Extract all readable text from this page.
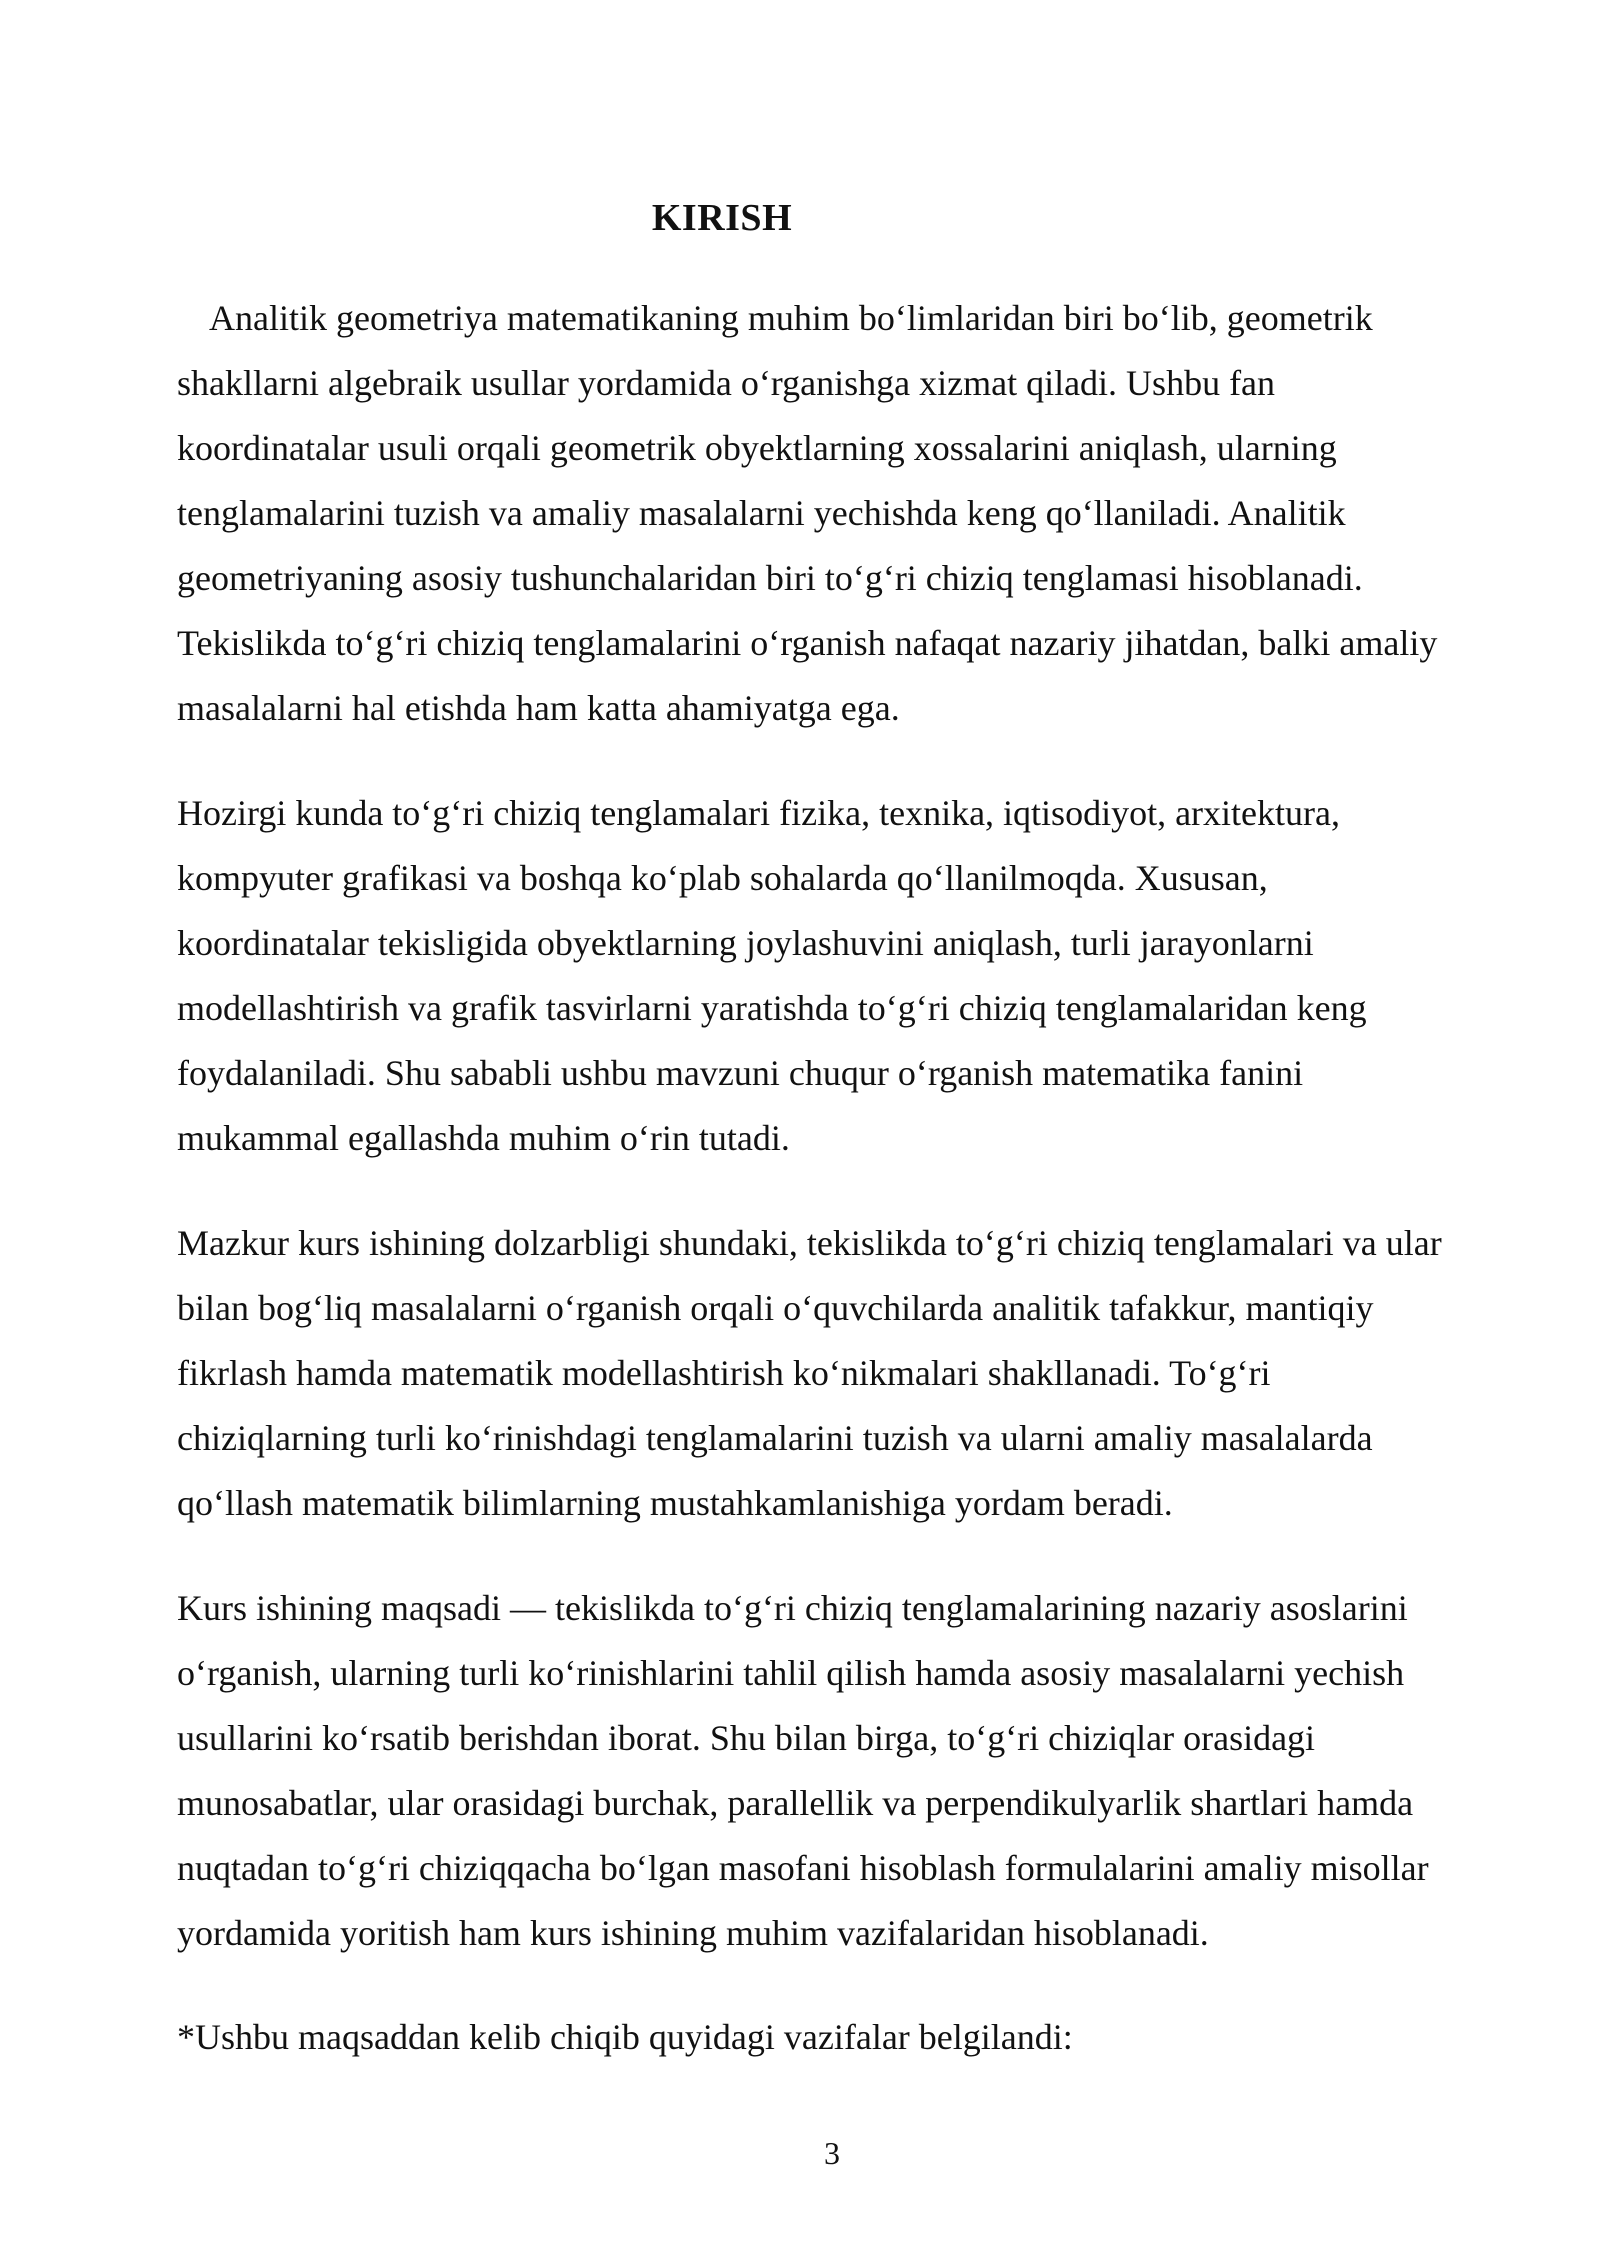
KIRISH

Analitik geometriya matematikaning muhim bo‘limlaridan biri bo‘lib, geometrik
shakllarni algebraik usullar yordamida o‘rganishga xizmat qiladi. Ushbu fan
koordinatalar usuli orqali geometrik obyektlarning xossalarini aniqlash, ularning
tenglamalarini tuzish va amaliy masalalarni yechishda keng qo‘llaniladi. Analitik
geometriyaning asosiy tushunchalaridan biri to‘g‘ri chiziq tenglamasi hisoblanadi.
Tekislikda to‘g‘ri chiziq tenglamalarini o‘rganish nafaqat nazariy jihatdan, balki amaliy
masalalarni hal etishda ham katta ahamiyatga ega.

Hozirgi kunda to‘g‘ri chiziq tenglamalari fizika, texnika, iqtisodiyot, arxitektura,
kompyuter grafikasi va boshqa ko‘plab sohalarda qo‘llanilmoqda. Xususan,
koordinatalar tekisligida obyektlarning joylashuvini aniqlash, turli jarayonlarni
modellashtirish va grafik tasvirlarni yaratishda to‘g‘ri chiziq tenglamalaridan keng
foydalaniladi. Shu sababli ushbu mavzuni chuqur o‘rganish matematika fanini
mukammal egallashda muhim o‘rin tutadi.

Mazkur kurs ishining dolzarbligi shundaki, tekislikda to‘g‘ri chiziq tenglamalari va ular
bilan bog‘liq masalalarni o‘rganish orqali o‘quvchilarda analitik tafakkur, mantiqiy
fikrlash hamda matematik modellashtirish ko‘nikmalari shakllanadi. To‘g‘ri
chiziqlarning turli ko‘rinishdagi tenglamalarini tuzish va ularni amaliy masalalarda
qo‘llash matematik bilimlarning mustahkamlanishiga yordam beradi.

Kurs ishining maqsadi — tekislikda to‘g‘ri chiziq tenglamalarining nazariy asoslarini
o‘rganish, ularning turli ko‘rinishlarini tahlil qilish hamda asosiy masalalarni yechish
usullarini ko‘rsatib berishdan iborat. Shu bilan birga, to‘g‘ri chiziqlar orasidagi
munosabatlar, ular orasidagi burchak, parallellik va perpendikulyarlik shartlari hamda
nuqtadan to‘g‘ri chiziqqacha bo‘lgan masofani hisoblash formulalarini amaliy misollar
yordamida yoritish ham kurs ishining muhim vazifalaridan hisoblanadi.

*Ushbu maqsaddan kelib chiqib quyidagi vazifalar belgilandi:

3
